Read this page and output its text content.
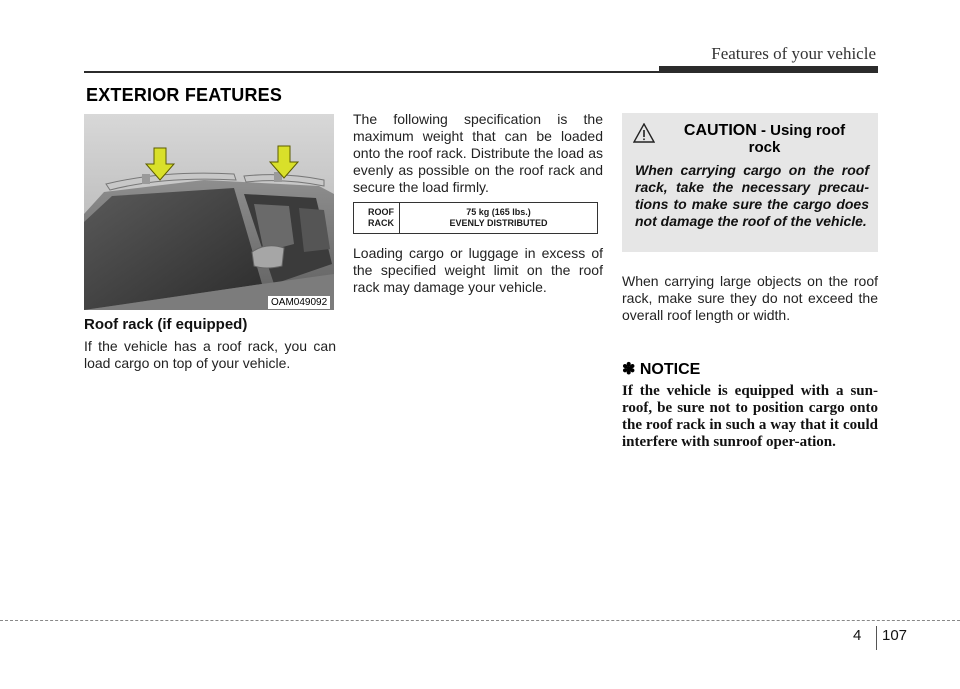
Features of your vehicle
EXTERIOR FEATURES
OAM049092
Roof rack (if equipped)
If the vehicle has a roof rack, you can load cargo on top of your vehicle.
The following specification is the maximum weight that can be loaded onto the roof rack. Distribute the load as evenly as possible on the roof rack and secure the load firmly.
ROOF
RACK
75 kg (165 lbs.)
EVENLY DISTRIBUTED
Loading cargo or luggage in excess of the specified weight limit on the roof rack may damage your vehicle.
CAUTION - Using roof
rock
When carrying cargo on the roof rack, take the necessary precau-tions to make sure the cargo does not damage the roof of the vehicle.
When carrying large objects on the roof rack, make sure they do not exceed the overall roof length or width.
✽ NOTICE
If the vehicle is equipped with a sun-roof, be sure not to position cargo onto the roof rack in such a way that it could interfere with sunroof oper-ation.
4 107
